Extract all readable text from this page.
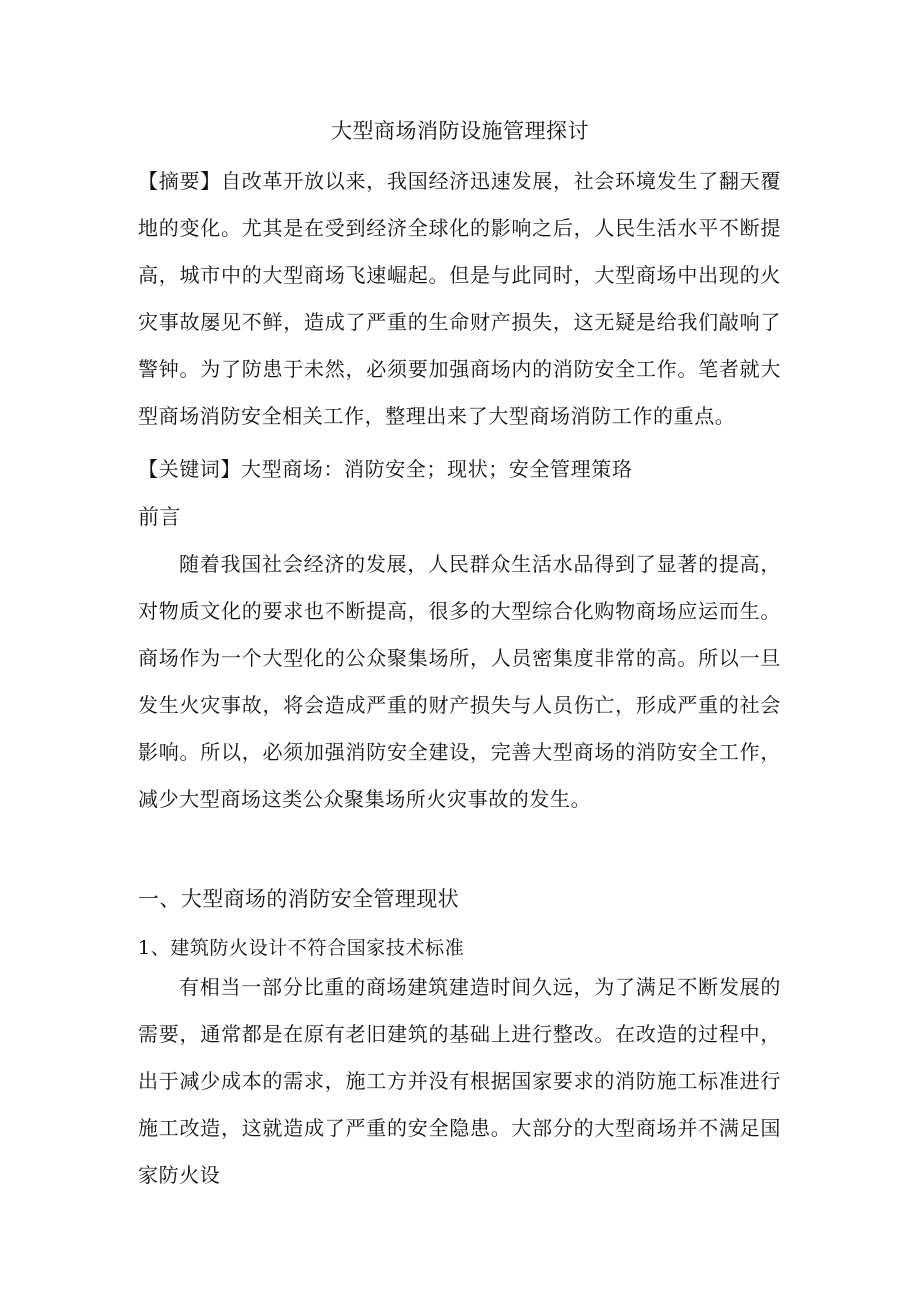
大型商场消防设施管理探讨

【摘要】自改革开放以来，我国经济迅速发展，社会环境发生了翻天覆地的变化。尤其是在受到经济全球化的影响之后，人民生活水平不断提高，城市中的大型商场飞速崛起。但是与此同时，大型商场中出现的火灾事故屡见不鲜，造成了严重的生命财产损失，这无疑是给我们敲响了警钟。为了防患于未然，必须要加强商场内的消防安全工作。笔者就大型商场消防安全相关工作，整理出来了大型商场消防工作的重点。

【关键词】大型商场：消防安全；现状；安全管理策珞

前言

随着我国社会经济的发展，人民群众生活水品得到了显著的提高，对物质文化的要求也不断提高，很多的大型综合化购物商场应运而生。商场作为一个大型化的公众聚集场所，人员密集度非常的高。所以一旦发生火灾事故，将会造成严重的财产损失与人员伤亡，形成严重的社会影响。所以，必须加强消防安全建设，完善大型商场的消防安全工作，减少大型商场这类公众聚集场所火灾事故的发生。

一、大型商场的消防安全管理现状
1、建筑防火设计不符合国家技术标准

有相当一部分比重的商场建筑建造时间久远，为了满足不断发展的需要，通常都是在原有老旧建筑的基础上进行整改。在改造的过程中，出于减少成本的需求，施工方并没有根据国家要求的消防施工标准进行施工改造，这就造成了严重的安全隐患。大部分的大型商场并不满足国家防火设
